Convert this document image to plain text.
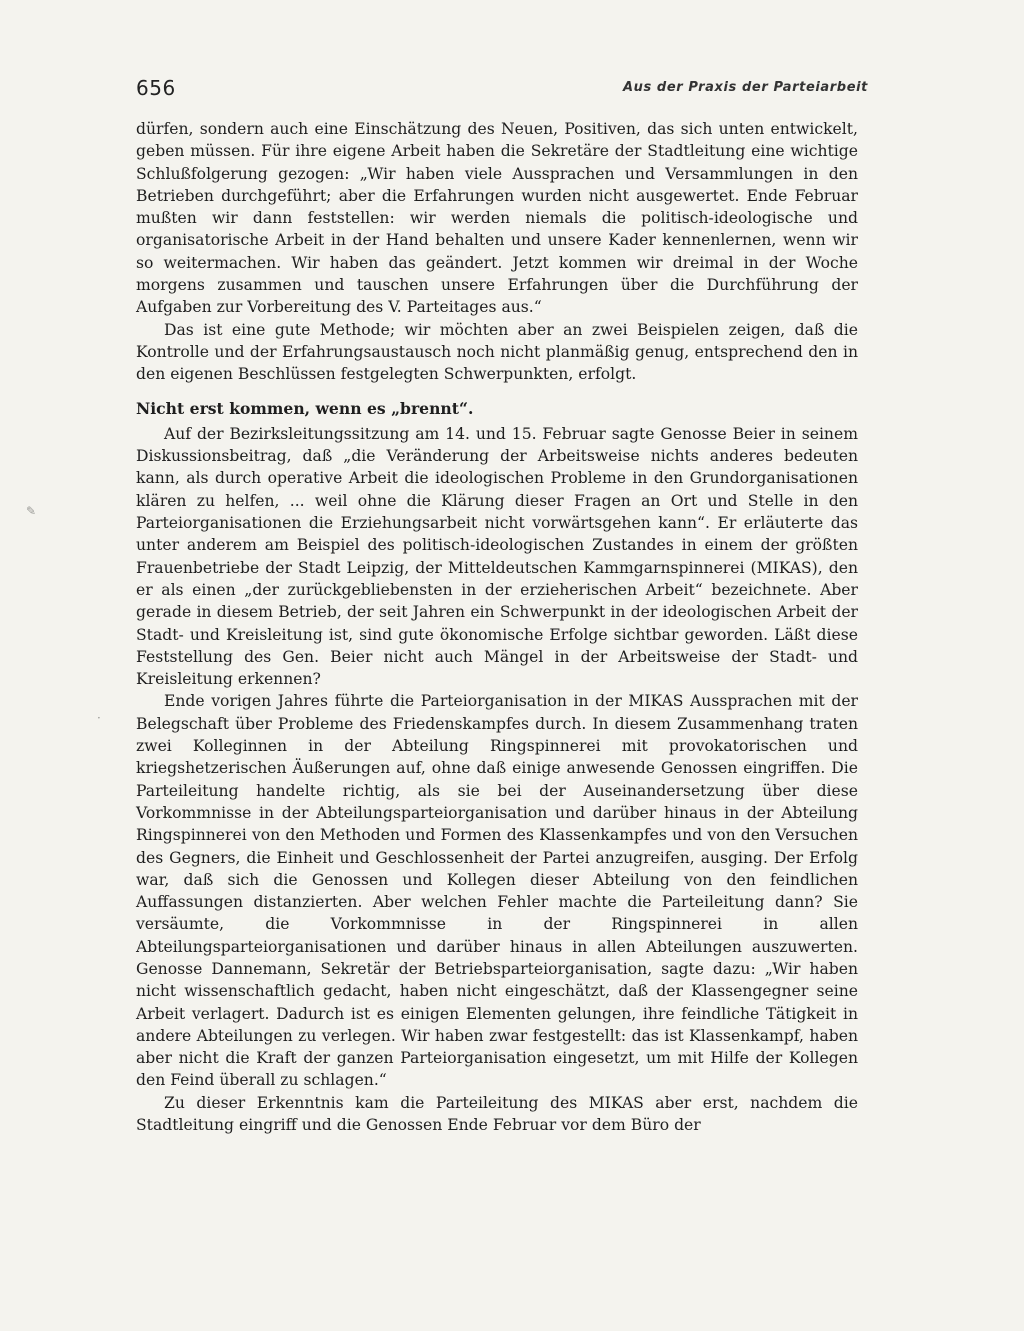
656	Aus der Praxis der Parteiarbeit

dürfen, sondern auch eine Einschätzung des Neuen, Positiven, das sich unten entwickelt, geben müssen. Für ihre eigene Arbeit haben die Sekretäre der Stadtleitung eine wichtige Schlußfolgerung gezogen: „Wir haben viele Aussprachen und Versammlungen in den Betrieben durchgeführt; aber die Erfahrungen wurden nicht ausgewertet. Ende Februar mußten wir dann feststellen: wir werden niemals die politisch-ideologische und organisatorische Arbeit in der Hand behalten und unsere Kader kennenlernen, wenn wir so weitermachen. Wir haben das geändert. Jetzt kommen wir dreimal in der Woche morgens zusammen und tauschen unsere Erfahrungen über die Durchführung der Aufgaben zur Vorbereitung des V. Parteitages aus.“

Das ist eine gute Methode; wir möchten aber an zwei Beispielen zeigen, daß die Kontrolle und der Erfahrungsaustausch noch nicht planmäßig genug, entsprechend den in den eigenen Beschlüssen festgelegten Schwerpunkten, erfolgt.

Nicht erst kommen, wenn es „brennt“.

Auf der Bezirksleitungssitzung am 14. und 15. Februar sagte Genosse Beier in seinem Diskussionsbeitrag, daß „die Veränderung der Arbeitsweise nichts anderes bedeuten kann, als durch operative Arbeit die ideologischen Probleme in den Grundorganisationen klären zu helfen, ... weil ohne die Klärung dieser Fragen an Ort und Stelle in den Parteiorganisationen die Erziehungsarbeit nicht vorwärtsgehen kann“. Er erläuterte das unter anderem am Beispiel des politisch-ideologischen Zustandes in einem der größten Frauenbetriebe der Stadt Leipzig, der Mitteldeutschen Kammgarnspinnerei (MIKAS), den er als einen „der zurückgebliebensten in der erzieherischen Arbeit“ bezeichnete. Aber gerade in diesem Betrieb, der seit Jahren ein Schwerpunkt in der ideologischen Arbeit der Stadt- und Kreisleitung ist, sind gute ökonomische Erfolge sichtbar geworden. Läßt diese Feststellung des Gen. Beier nicht auch Mängel in der Arbeitsweise der Stadt- und Kreisleitung erkennen?

Ende vorigen Jahres führte die Parteiorganisation in der MIKAS Aussprachen mit der Belegschaft über Probleme des Friedenskampfes durch. In diesem Zusammenhang traten zwei Kolleginnen in der Abteilung Ringspinnerei mit provokatorischen und kriegshetzerischen Äußerungen auf, ohne daß einige anwesende Genossen eingriffen. Die Parteileitung handelte richtig, als sie bei der Auseinandersetzung über diese Vorkommnisse in der Abteilungsparteiorganisation und darüber hinaus in der Abteilung Ringspinnerei von den Methoden und Formen des Klassenkampfes und von den Versuchen des Gegners, die Einheit und Geschlossenheit der Partei anzugreifen, ausging. Der Erfolg war, daß sich die Genossen und Kollegen dieser Abteilung von den feindlichen Auffassungen distanzierten. Aber welchen Fehler machte die Parteileitung dann? Sie versäumte, die Vorkommnisse in der Ringspinnerei in allen Abteilungsparteiorganisationen und darüber hinaus in allen Abteilungen auszuwerten. Genosse Dannemann, Sekretär der Betriebsparteiorganisation, sagte dazu: „Wir haben nicht wissenschaftlich gedacht, haben nicht eingeschätzt, daß der Klassengegner seine Arbeit verlagert. Dadurch ist es einigen Elementen gelungen, ihre feindliche Tätigkeit in andere Abteilungen zu verlegen. Wir haben zwar festgestellt: das ist Klassenkampf, haben aber nicht die Kraft der ganzen Parteiorganisation eingesetzt, um mit Hilfe der Kollegen den Feind überall zu schlagen.“

Zu dieser Erkenntnis kam die Parteileitung des MIKAS aber erst, nachdem die Stadtleitung eingriff und die Genossen Ende Februar vor dem Büro der

✎
·
